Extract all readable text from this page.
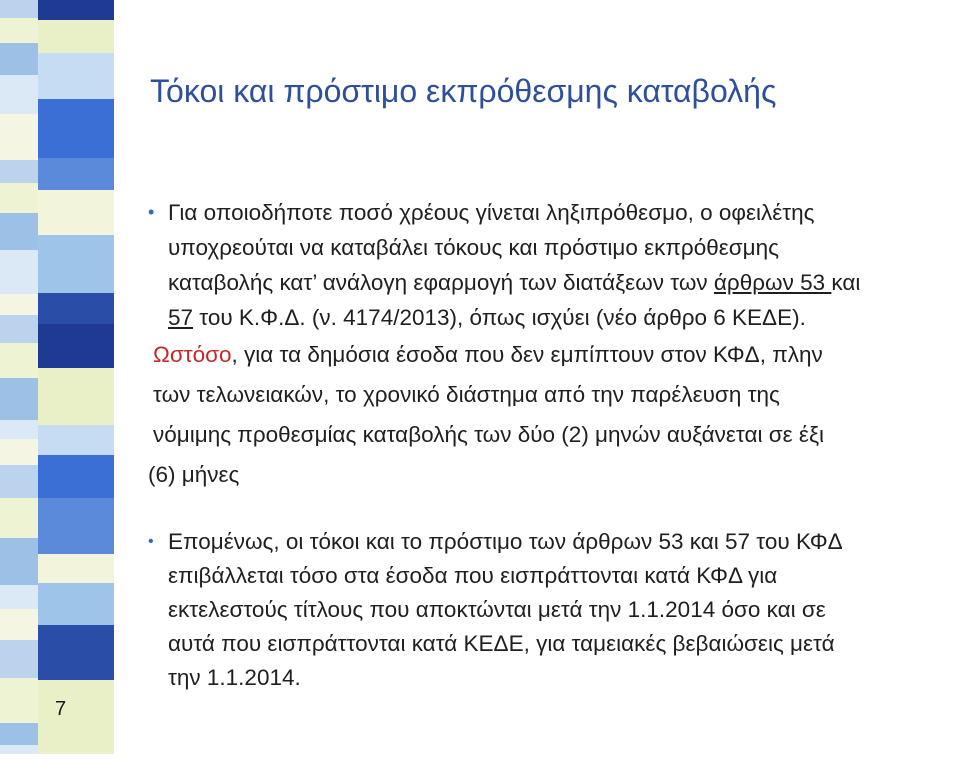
Τόκοι και πρόστιμο εκπρόθεσμης καταβολής
• Για οποιοδήποτε ποσό χρέους γίνεται ληξιπρόθεσμο, ο οφειλέτης
υποχρεούται να καταβάλει τόκους και πρόστιμο εκπρόθεσμης
καταβολής κατ’ ανάλογη εφαρμογή των διατάξεων των άρθρων 53 και
57 του Κ.Φ.Δ. (ν. 4174/2013), όπως ισχύει (νέο άρθρο 6 ΚΕΔΕ).
Ωστόσο, για τα δημόσια έσοδα που δεν εμπίπτουν στον ΚΦΔ, πλην
των τελωνειακών, το χρονικό διάστημα από την παρέλευση της
νόμιμης προθεσμίας καταβολής των δύο (2) μηνών αυξάνεται σε έξι
(6) μήνες
• Επομένως, οι τόκοι και το πρόστιμο των άρθρων 53 και 57 του ΚΦΔ
επιβάλλεται τόσο στα έσοδα που εισπράττονται κατά ΚΦΔ για
εκτελεστούς τίτλους που αποκτώνται μετά την 1.1.2014 όσο και σε
αυτά που εισπράττονται κατά ΚΕΔΕ, για ταμειακές βεβαιώσεις μετά
την 1.1.2014.
7
